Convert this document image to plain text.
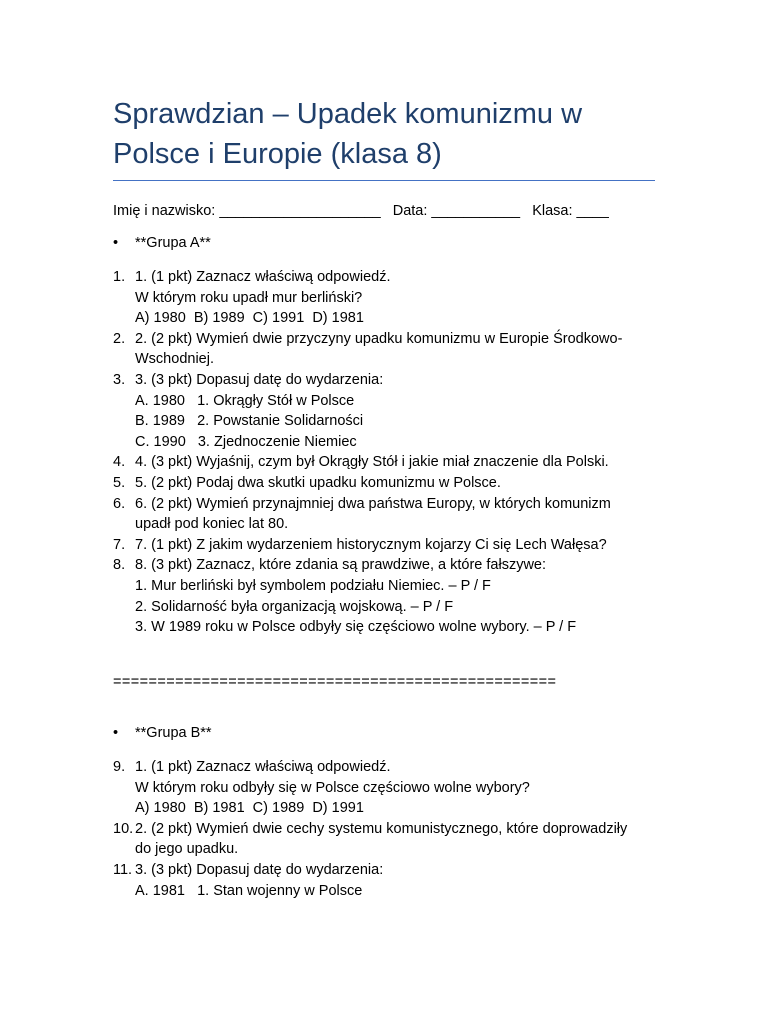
Sprawdzian – Upadek komunizmu w Polsce i Europie (klasa 8)
Imię i nazwisko: ____________________   Data: ___________   Klasa: ____
• **Grupa A**
1. 1. (1 pkt) Zaznacz właściwą odpowiedź.
W którym roku upadł mur berliński?
A) 1980  B) 1989  C) 1991  D) 1981
2. 2. (2 pkt) Wymień dwie przyczyny upadku komunizmu w Europie Środkowo-
Wschodniej.
3. 3. (3 pkt) Dopasuj datę do wydarzenia:
A. 1980   1. Okrągły Stół w Polsce
B. 1989   2. Powstanie Solidarności
C. 1990   3. Zjednoczenie Niemiec
4. 4. (3 pkt) Wyjaśnij, czym był Okrągły Stół i jakie miał znaczenie dla Polski.
5. 5. (2 pkt) Podaj dwa skutki upadku komunizmu w Polsce.
6. 6. (2 pkt) Wymień przynajmniej dwa państwa Europy, w których komunizm
upadł pod koniec lat 80.
7. 7. (1 pkt) Z jakim wydarzeniem historycznym kojarzy Ci się Lech Wałęsa?
8. 8. (3 pkt) Zaznacz, które zdania są prawdziwe, a które fałszywe:
1. Mur berliński był symbolem podziału Niemiec. – P / F
2. Solidarność była organizacją wojskową. – P / F
3. W 1989 roku w Polsce odbyły się częściowo wolne wybory. – P / F
==================================================
• **Grupa B**
9. 1. (1 pkt) Zaznacz właściwą odpowiedź.
W którym roku odbyły się w Polsce częściowo wolne wybory?
A) 1980  B) 1981  C) 1989  D) 1991
10. 2. (2 pkt) Wymień dwie cechy systemu komunistycznego, które doprowadziły
do jego upadku.
11. 3. (3 pkt) Dopasuj datę do wydarzenia:
A. 1981   1. Stan wojenny w Polsce
